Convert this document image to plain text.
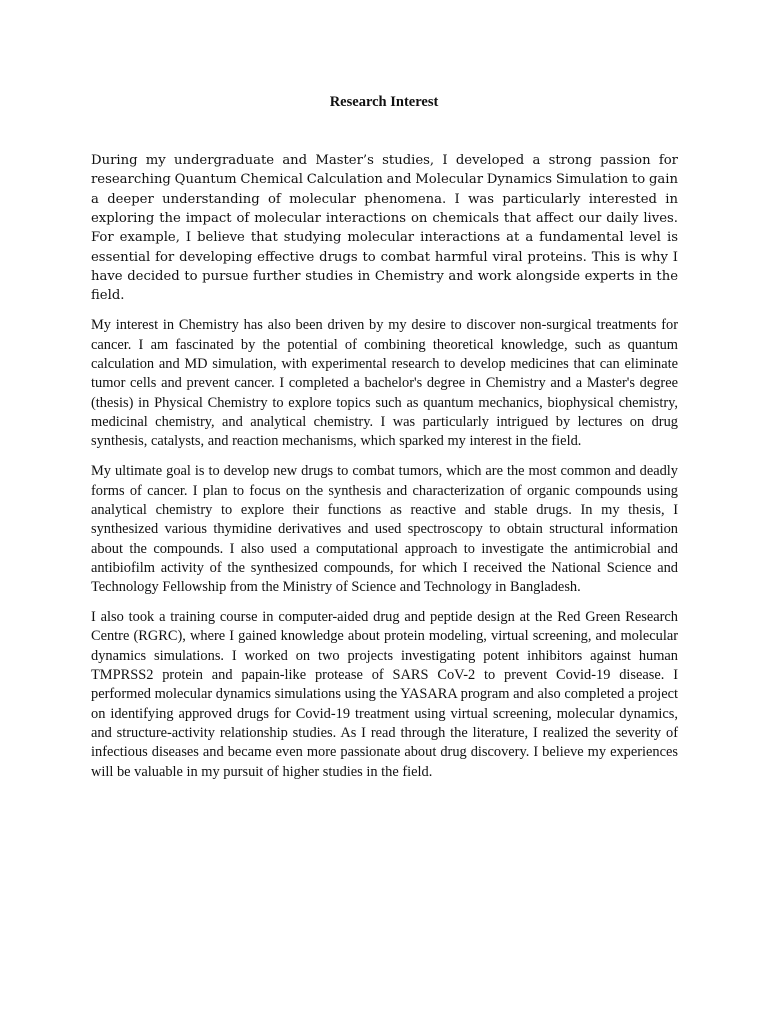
Research Interest

During my undergraduate and Master’s studies, I developed a strong passion for researching Quantum Chemical Calculation and Molecular Dynamics Simulation to gain a deeper understanding of molecular phenomena. I was particularly interested in exploring the impact of molecular interactions on chemicals that affect our daily lives. For example, I believe that studying molecular interactions at a fundamental level is essential for developing effective drugs to combat harmful viral proteins. This is why I have decided to pursue further studies in Chemistry and work alongside experts in the field.

My interest in Chemistry has also been driven by my desire to discover non-surgical treatments for cancer. I am fascinated by the potential of combining theoretical knowledge, such as quantum calculation and MD simulation, with experimental research to develop medicines that can eliminate tumor cells and prevent cancer. I completed a bachelor's degree in Chemistry and a Master's degree (thesis) in Physical Chemistry to explore topics such as quantum mechanics, biophysical chemistry, medicinal chemistry, and analytical chemistry. I was particularly intrigued by lectures on drug synthesis, catalysts, and reaction mechanisms, which sparked my interest in the field.

My ultimate goal is to develop new drugs to combat tumors, which are the most common and deadly forms of cancer. I plan to focus on the synthesis and characterization of organic compounds using analytical chemistry to explore their functions as reactive and stable drugs. In my thesis, I synthesized various thymidine derivatives and used spectroscopy to obtain structural information about the compounds. I also used a computational approach to investigate the antimicrobial and antibiofilm activity of the synthesized compounds, for which I received the National Science and Technology Fellowship from the Ministry of Science and Technology in Bangladesh.

I also took a training course in computer-aided drug and peptide design at the Red Green Research Centre (RGRC), where I gained knowledge about protein modeling, virtual screening, and molecular dynamics simulations. I worked on two projects investigating potent inhibitors against human TMPRSS2 protein and papain-like protease of SARS CoV-2 to prevent Covid-19 disease. I performed molecular dynamics simulations using the YASARA program and also completed a project on identifying approved drugs for Covid-19 treatment using virtual screening, molecular dynamics, and structure-activity relationship studies. As I read through the literature, I realized the severity of infectious diseases and became even more passionate about drug discovery. I believe my experiences will be valuable in my pursuit of higher studies in the field.
